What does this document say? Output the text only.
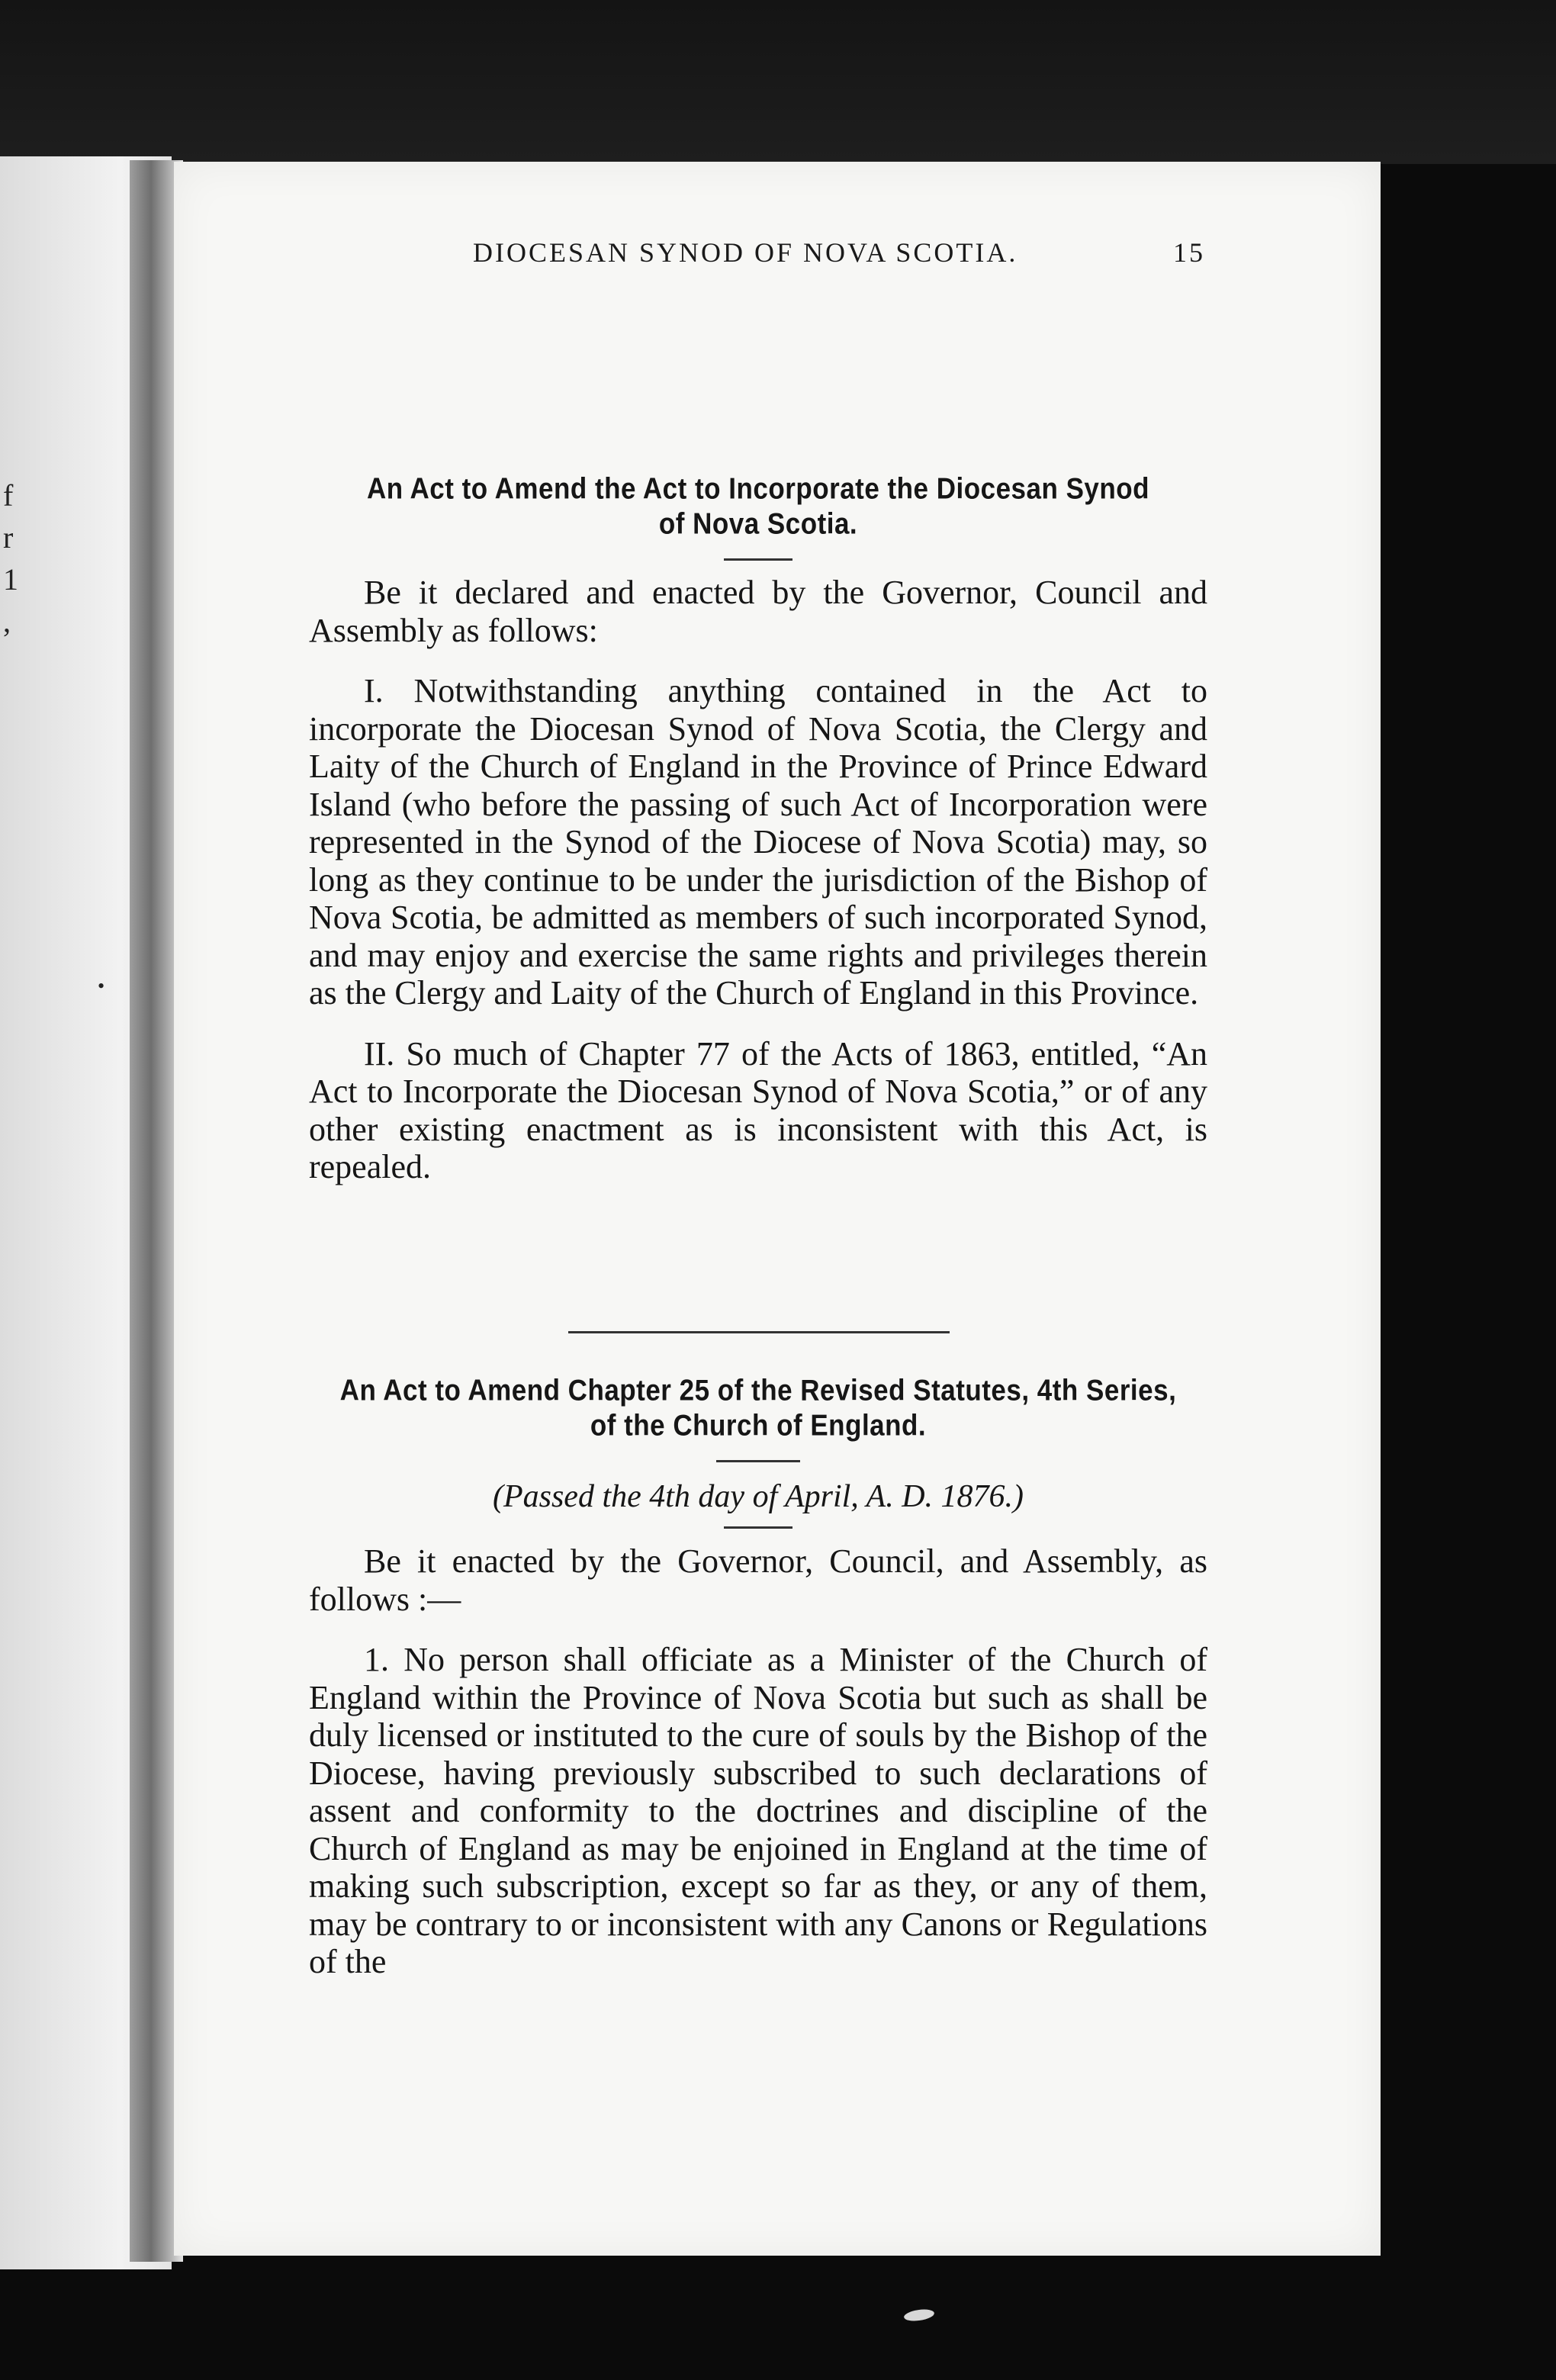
f
r
1
,
•
DIOCESAN SYNOD OF NOVA SCOTIA.	15
An Act to Amend the Act to Incorporate the Diocesan Synod
of Nova Scotia.

Be it declared and enacted by the Governor, Council and Assembly as follows:

I. Notwithstanding anything contained in the Act to incorporate the Diocesan Synod of Nova Scotia, the Clergy and Laity of the Church of England in the Province of Prince Edward Island (who before the passing of such Act of Incorporation were represented in the Synod of the Diocese of Nova Scotia) may, so long as they continue to be under the jurisdiction of the Bishop of Nova Scotia, be admitted as members of such incorporated Synod, and may enjoy and exercise the same rights and privileges therein as the Clergy and Laity of the Church of England in this Province.

II. So much of Chapter 77 of the Acts of 1863, entitled, “An Act to Incorporate the Diocesan Synod of Nova Scotia,” or of any other existing enactment as is inconsistent with this Act, is repealed.

An Act to Amend Chapter 25 of the Revised Statutes, 4th Series,
of the Church of England.
(Passed the 4th day of April, A. D. 1876.)

Be it enacted by the Governor, Council, and Assembly, as follows :—

1. No person shall officiate as a Minister of the Church of England within the Province of Nova Scotia but such as shall be duly licensed or instituted to the cure of souls by the Bishop of the Diocese, having previously subscribed to such declarations of assent and conformity to the doctrines and discipline of the Church of England as may be enjoined in England at the time of making such subscription, except so far as they, or any of them, may be contrary to or inconsistent with any Canons or Regulations of the
